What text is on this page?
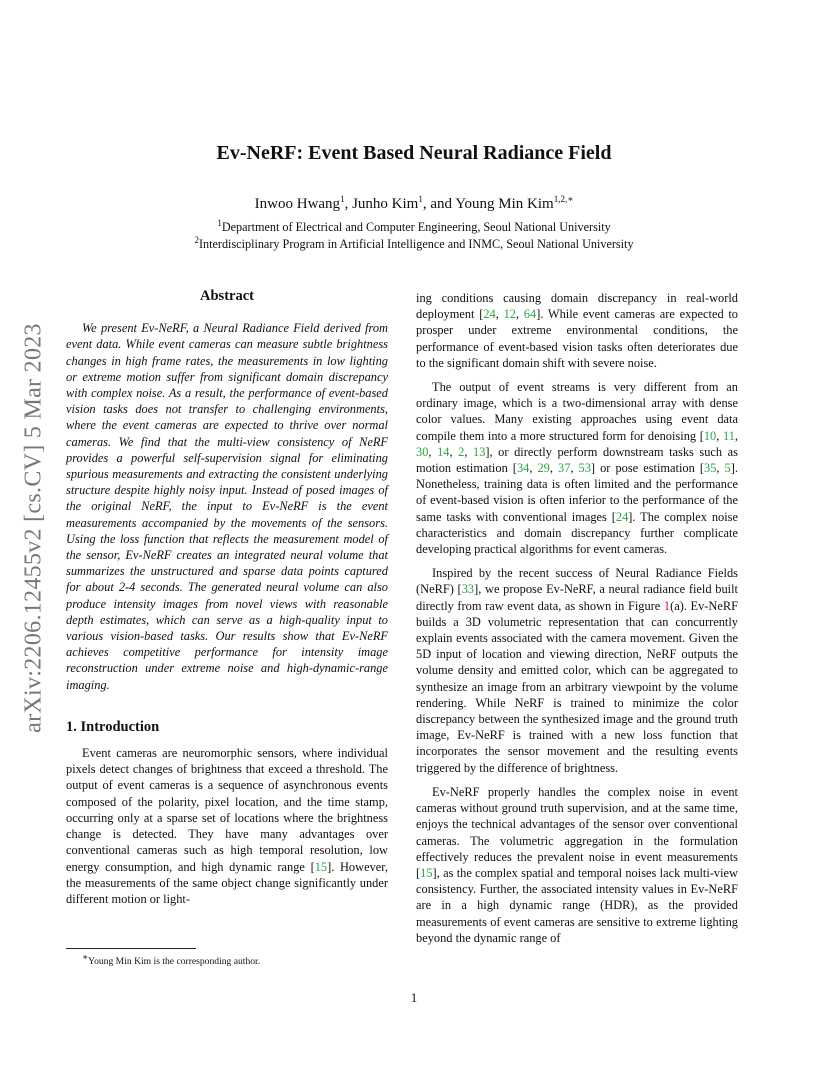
Ev-NeRF: Event Based Neural Radiance Field
Inwoo Hwang$^1$, Junho Kim$^1$, and Young Min Kim$^{1,2,∗}$
$^1$Department of Electrical and Computer Engineering, Seoul National University
$^2$Interdisciplinary Program in Artificial Intelligence and INMC, Seoul National University
arXiv:2206.12455v2 [cs.CV] 5 Mar 2023
Abstract

We present Ev-NeRF, a Neural Radiance Field derived from event data. While event cameras can measure subtle brightness changes in high frame rates, the measurements in low lighting or extreme motion suffer from significant domain discrepancy with complex noise. As a result, the performance of event-based vision tasks does not transfer to challenging environments, where the event cameras are expected to thrive over normal cameras. We find that the multi-view consistency of NeRF provides a powerful self-supervision signal for eliminating spurious measurements and extracting the consistent underlying structure despite highly noisy input. Instead of posed images of the original NeRF, the input to Ev-NeRF is the event measurements accompanied by the movements of the sensors. Using the loss function that reflects the measurement model of the sensor, Ev-NeRF creates an integrated neural volume that summarizes the unstructured and sparse data points captured for about 2-4 seconds. The generated neural volume can also produce intensity images from novel views with reasonable depth estimates, which can serve as a high-quality input to various vision-based tasks. Our results show that Ev-NeRF achieves competitive performance for intensity image reconstruction under extreme noise and high-dynamic-range imaging.

1. Introduction

Event cameras are neuromorphic sensors, where individual pixels detect changes of brightness that exceed a threshold. The output of event cameras is a sequence of asynchronous events composed of the polarity, pixel location, and the time stamp, occurring only at a sparse set of locations where the brightness change is detected. They have many advantages over conventional cameras such as high temporal resolution, low energy consumption, and high dynamic range [15]. However, the measurements of the same object change significantly under different motion or light-

ing conditions causing domain discrepancy in real-world deployment [24, 12, 64]. While event cameras are expected to prosper under extreme environmental conditions, the performance of event-based vision tasks often deteriorates due to the significant domain shift with severe noise.

The output of event streams is very different from an ordinary image, which is a two-dimensional array with dense color values. Many existing approaches using event data compile them into a more structured form for denoising [10, 11, 30, 14, 2, 13], or directly perform downstream tasks such as motion estimation [34, 29, 37, 53] or pose estimation [35, 5]. Nonetheless, training data is often limited and the performance of event-based vision is often inferior to the performance of the same tasks with conventional images [24]. The complex noise characteristics and domain discrepancy further complicate developing practical algorithms for event cameras.

Inspired by the recent success of Neural Radiance Fields (NeRF) [33], we propose Ev-NeRF, a neural radiance field built directly from raw event data, as shown in Figure 1(a). Ev-NeRF builds a 3D volumetric representation that can concurrently explain events associated with the camera movement. Given the 5D input of location and viewing direction, NeRF outputs the volume density and emitted color, which can be aggregated to synthesize an image from an arbitrary viewpoint by the volume rendering. While NeRF is trained to minimize the color discrepancy between the synthesized image and the ground truth image, Ev-NeRF is trained with a new loss function that incorporates the sensor movement and the resulting events triggered by the difference of brightness.

Ev-NeRF properly handles the complex noise in event cameras without ground truth supervision, and at the same time, enjoys the technical advantages of the sensor over conventional cameras. The volumetric aggregation in the formulation effectively reduces the prevalent noise in event measurements [15], as the complex spatial and temporal noises lack multi-view consistency. Further, the associated intensity values in Ev-NeRF are in a high dynamic range (HDR), as the provided measurements of event cameras are sensitive to extreme lighting beyond the dynamic range of

∗Young Min Kim is the corresponding author.
1
